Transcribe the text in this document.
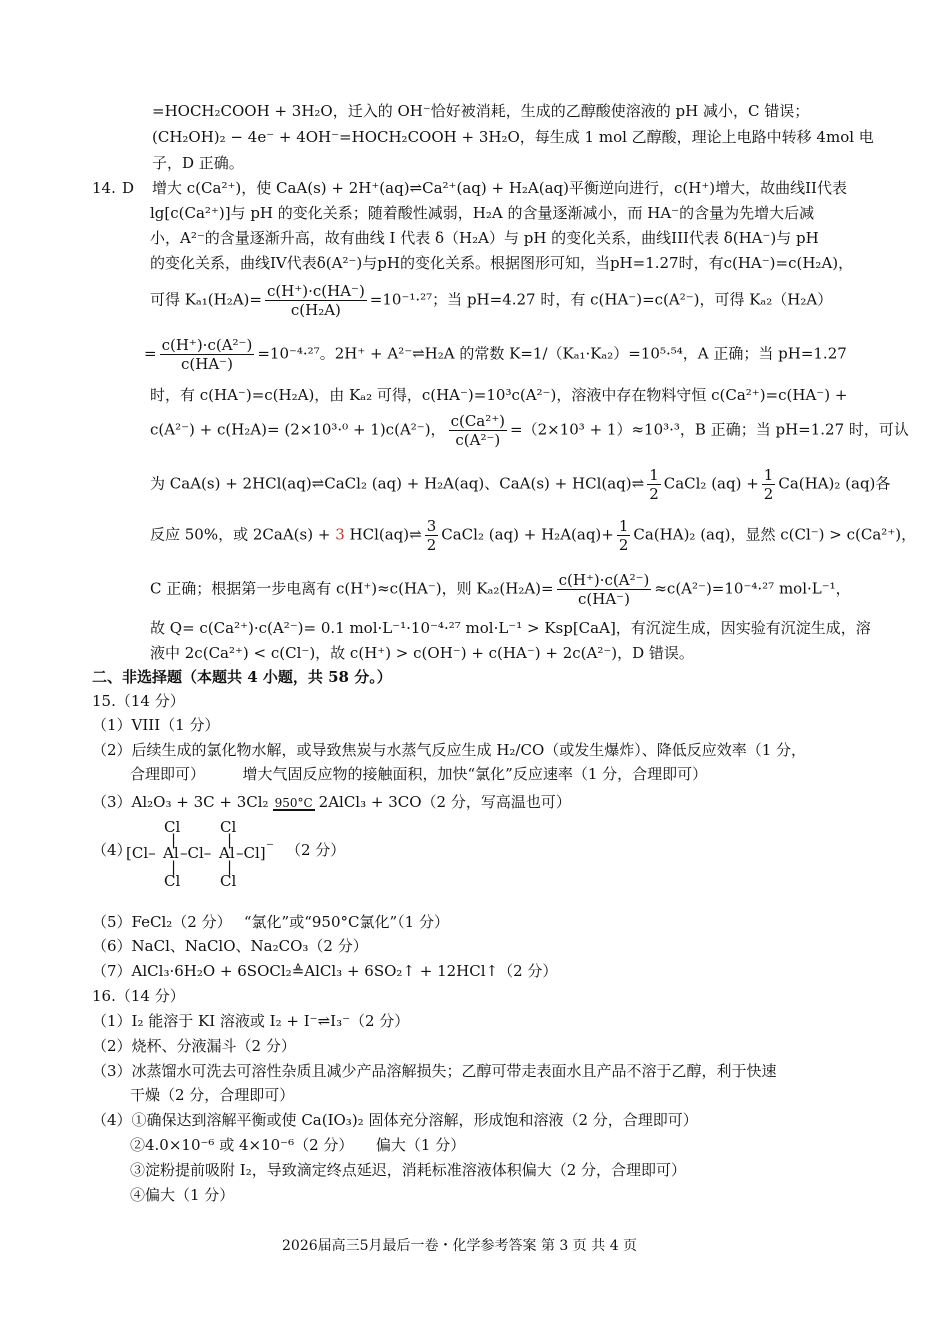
=HOCH₂COOH + 3H₂O，迁入的 OH⁻恰好被消耗，生成的乙醇酸使溶液的 pH 减小，C 错误；
(CH₂OH)₂ − 4e⁻ + 4OH⁻=HOCH₂COOH + 3H₂O，每生成 1 mol 乙醇酸，理论上电路中转移 4mol 电
子，D 正确。
14. D 增大 c(Ca²⁺)，使 CaA(s) + 2H⁺(aq)⇌Ca²⁺(aq) + H₂A(aq)平衡逆向进行，c(H⁺)增大，故曲线II代表
lg[c(Ca²⁺)]与 pH 的变化关系；随着酸性减弱，H₂A 的含量逐渐减小，而 HA⁻的含量为先增大后减
小，A²⁻的含量逐渐升高，故有曲线 I 代表 δ（H₂A）与 pH 的变化关系，曲线III代表 δ(HA⁻)与 pH
的变化关系，曲线IV代表δ(A²⁻)与pH的变化关系。根据图形可知，当pH=1.27时，有c(HA⁻)=c(H₂A)，
可得 $K_{a1}(H_2A)= \frac{c(H^+)\cdot c(HA^-)}{\text{c(H₂A)}} =10^{-1}\cdot^{27}$；当 pH=4.27 时，有 c(HA⁻)=c(A²⁻)，可得 Kₐ₂（H₂A）
= $\frac{\text{c(H⁺)·c(A²⁻)}}{c(HA^-)} =10^{-4}\cdot^{27}$。2H⁺ + A²⁻⇌H₂A 的常数 K=1/（Kₐ₁·Kₐ₂）=10⁵·⁵⁴，A 正确；当 pH=1.27
时，有 c(HA⁻)=c(H₂A)，由 Kₐ₂ 可得，c(HA⁻)=10³c(A²⁻)，溶液中存在物料守恒 c(Ca²⁺)=c(HA⁻) +
c(A²⁻) + c(H₂A)= (2×10³·⁰ + 1)c(A²⁻)， $\frac{\text{c(Ca²⁺)}}{\text{c(A²⁻)}} =(2\times 10^3 + 1)\approx 10^3\cdot^3$，B 正确；当 pH=1.27 时，可认
为 CaA(s) + 2HCl(aq)⇌CaCl₂ (aq) + H₂A(aq)、CaA(s) + HCl(aq)⇌ $\frac{1}{2}$ CaCl₂ $(aq) + \frac{1}{2} Ca(HA)_2$ (aq)各
反应 50%，或 2CaA(s) + 3 HCl(aq)⇌ $\frac{3}{2}$ CaCl₂ $(aq) + H_2A(aq)+ \frac{1}{2} Ca(HA)_2$ (aq)，显然 c(Cl⁻) > c(Ca²⁺)，
C 正确；根据第一步电离有 c(H⁺)≈c(HA⁻)，则 $K_{a2}(H_2A)= \frac{\text{c(H⁺)·c(A²⁻)}}{c(HA^-)} \approx c(A^{2-})=10^{-4}\cdot^{27}$ mol·L⁻¹，
故 Q= c(Ca²⁺)·c(A²⁻)= 0.1 mol·L⁻¹·10⁻⁴·²⁷ mol·L⁻¹ > Ksp[CaA]，有沉淀生成，因实验有沉淀生成，溶
液中 2c(Ca²⁺) < c(Cl⁻)，故 c(H⁺) > c(OH⁻) + c(HA⁻) + 2c(A²⁻)，D 错误。
二、非选择题（本题共 4 小题，共 58 分。）
15.（14 分）
（1）VIII（1 分）
（2）后续生成的氯化物水解，或导致焦炭与水蒸气反应生成 H₂/CO（或发生爆炸）、降低反应效率（1 分，
合理即可）　　　增大气固反应物的接触面积，加快“氯化”反应速率（1 分，合理即可）
（3）Al₂O₃ + 3C + 3Cl₂ 950°C 2AlCl₃ + 3CO（2 分，写高温也可）
（4）
Cl	Cl
|	|
[Cl– Al –Cl– Al –Cl] ⁻
|	|
Cl	Cl
（2 分）
（5）FeCl₂（2 分）　 “氯化”或“950°C氯化”（1 分）
（6）NaCl、NaClO、Na₂CO₃（2 分）
（7）AlCl₃·6H₂O + 6SOCl₂≜AlCl₃ + 6SO₂↑ + 12HCl↑（2 分）
16.（14 分）
（1）I₂ 能溶于 KI 溶液或 I₂ + I⁻⇌I₃⁻（2 分）
（2）烧杯、分液漏斗（2 分）
（3）冰蒸馏水可洗去可溶性杂质且减少产品溶解损失；乙醇可带走表面水且产品不溶于乙醇，利于快速
干燥（2 分，合理即可）
（4）①确保达到溶解平衡或使 Ca(IO₃)₂ 固体充分溶解，形成饱和溶液（2 分，合理即可）
②4.0×10⁻⁶ 或 4×10⁻⁶（2 分）　　偏大（1 分）
③淀粉提前吸附 I₂，导致滴定终点延迟，消耗标准溶液体积偏大（2 分，合理即可）
④偏大（1 分）
2026届高三5月最后一卷・化学参考答案 第 3 页 共 4 页
